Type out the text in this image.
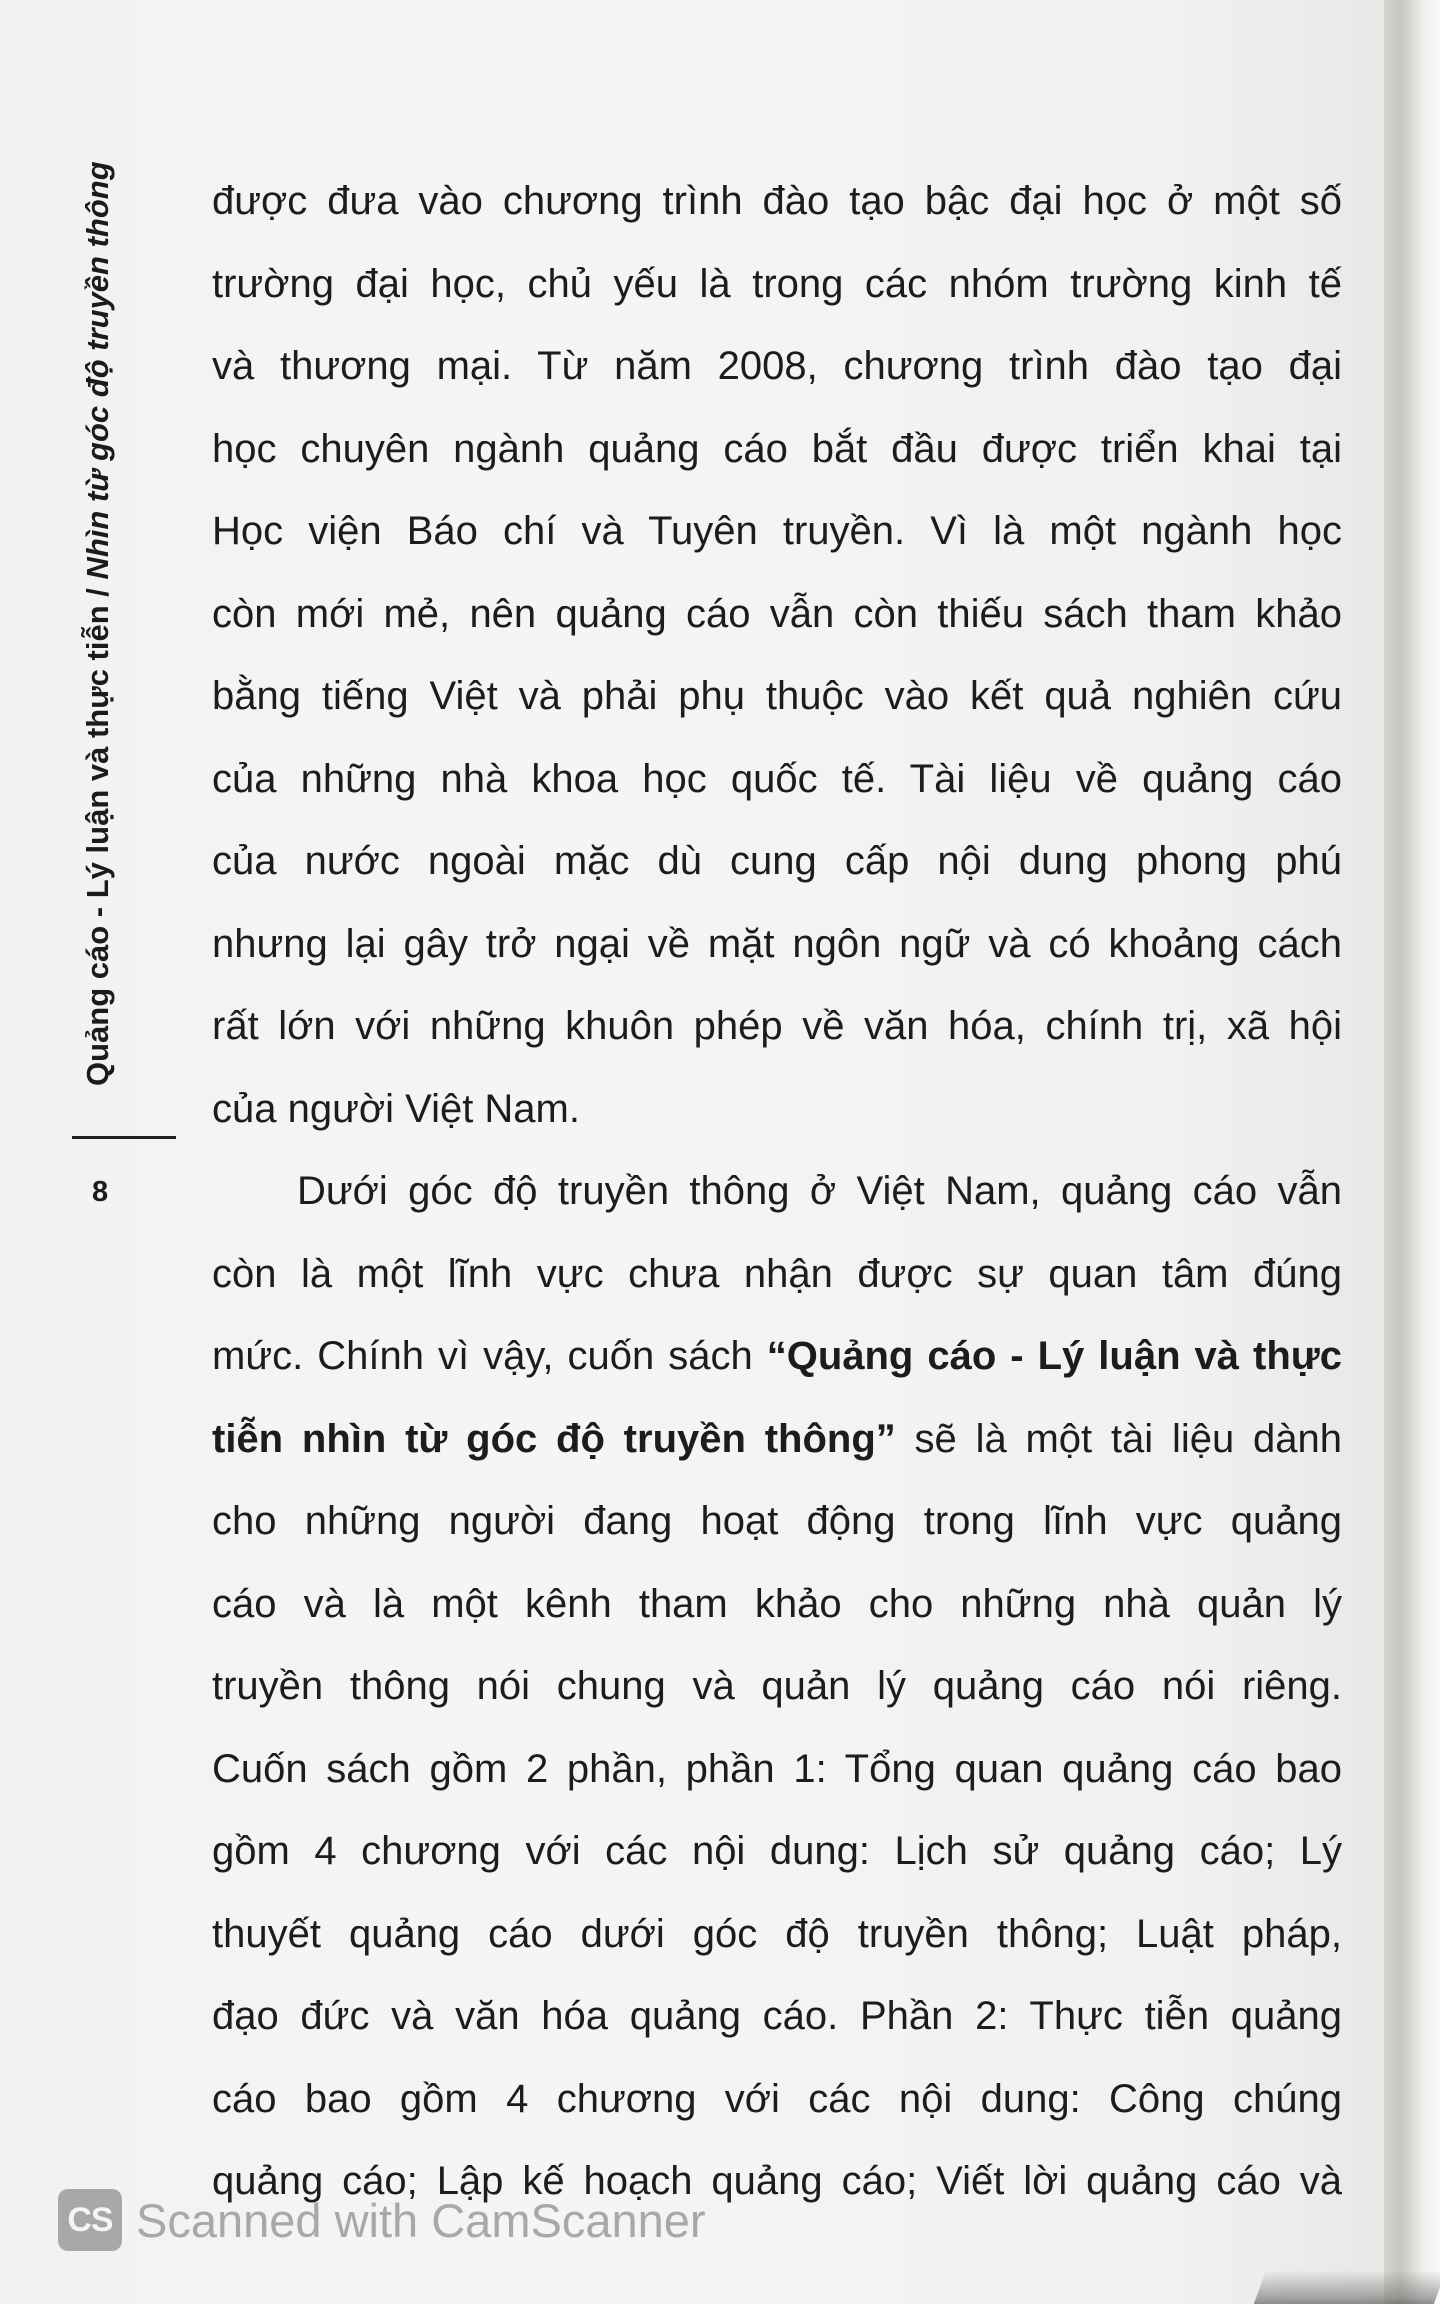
Quảng cáo - Lý luận và thực tiễn / Nhìn từ góc độ truyền thông
8
được đưa vào chương trình đào tạo bậc đại học ở một số
trường đại học, chủ yếu là trong các nhóm trường kinh tế
và thương mại. Từ năm 2008, chương trình đào tạo đại
học chuyên ngành quảng cáo bắt đầu được triển khai tại
Học viện Báo chí và Tuyên truyền. Vì là một ngành học
còn mới mẻ, nên quảng cáo vẫn còn thiếu sách tham khảo
bằng tiếng Việt và phải phụ thuộc vào kết quả nghiên cứu
của những nhà khoa học quốc tế. Tài liệu về quảng cáo
của nước ngoài mặc dù cung cấp nội dung phong phú
nhưng lại gây trở ngại về mặt ngôn ngữ và có khoảng cách
rất lớn với những khuôn phép về văn hóa, chính trị, xã hội
của người Việt Nam.
Dưới góc độ truyền thông ở Việt Nam, quảng cáo vẫn
còn là một lĩnh vực chưa nhận được sự quan tâm đúng
mức. Chính vì vậy, cuốn sách “Quảng cáo - Lý luận và thực
tiễn nhìn từ góc độ truyền thông” sẽ là một tài liệu dành
cho những người đang hoạt động trong lĩnh vực quảng
cáo và là một kênh tham khảo cho những nhà quản lý
truyền thông nói chung và quản lý quảng cáo nói riêng.
Cuốn sách gồm 2 phần, phần 1: Tổng quan quảng cáo bao
gồm 4 chương với các nội dung: Lịch sử quảng cáo; Lý
thuyết quảng cáo dưới góc độ truyền thông; Luật pháp,
đạo đức và văn hóa quảng cáo. Phần 2: Thực tiễn quảng
cáo bao gồm 4 chương với các nội dung: Công chúng
quảng cáo; Lập kế hoạch quảng cáo; Viết lời quảng cáo và
CS Scanned with CamScanner
